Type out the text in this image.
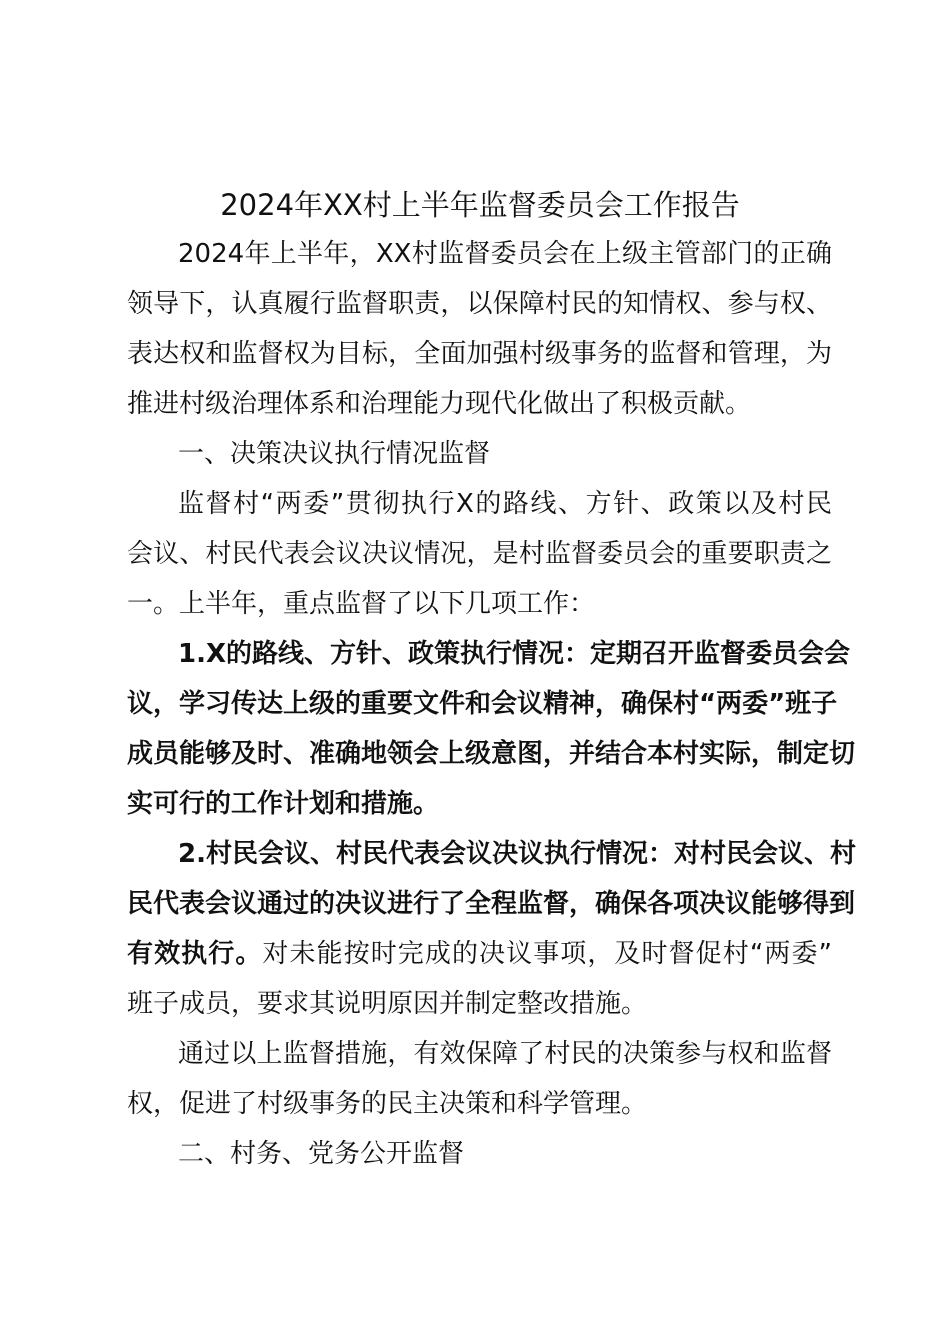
2024年XX村上半年监督委员会工作报告
2024年上半年，XX村监督委员会在上级主管部门的正确
领导下，认真履行监督职责，以保障村民的知情权、参与权、
表达权和监督权为目标，全面加强村级事务的监督和管理，为
推进村级治理体系和治理能力现代化做出了积极贡献。
一、决策决议执行情况监督
监督村“两委”贯彻执行X的路线、方针、政策以及村民
会议、村民代表会议决议情况，是村监督委员会的重要职责之
一。上半年，重点监督了以下几项工作：
1.X的路线、方针、政策执行情况：定期召开监督委员会会
议，学习传达上级的重要文件和会议精神，确保村“两委”班子
成员能够及时、准确地领会上级意图，并结合本村实际，制定切
实可行的工作计划和措施。
2.村民会议、村民代表会议决议执行情况：对村民会议、村
民代表会议通过的决议进行了全程监督，确保各项决议能够得到
有效执行。对未能按时完成的决议事项，及时督促村“两委”
班子成员，要求其说明原因并制定整改措施。
通过以上监督措施，有效保障了村民的决策参与权和监督
权，促进了村级事务的民主决策和科学管理。
二、村务、党务公开监督
